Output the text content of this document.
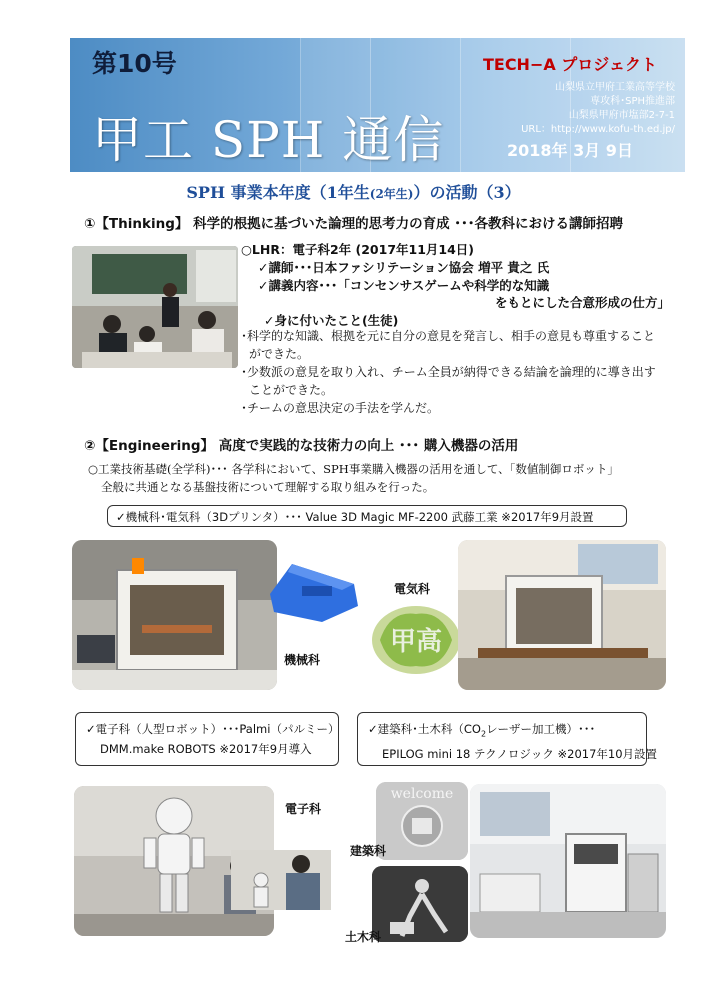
第10号
甲工 SPH 通信
TECH−A プロジェクト
山梨県立甲府工業高等学校
専攻科･SPH推進部
山梨県甲府市塩部2-7-1
URL：http://www.kofu-th.ed.jp/
2018年 3月 9日
SPH 事業本年度（1年生(2年生)）の活動（3）
①【Thinking】 科学的根拠に基づいた論理的思考力の育成 ･･･各教科における講師招聘
○LHR：電子科2年 (2017年11月14日)
✓講師･･･日本ファシリテーション協会 増平 貴之 氏
✓講義内容･･･「コンセンサスゲームや科学的な知識
をもとにした合意形成の仕方」
✓身に付いたこと(生徒)
･科学的な知識、根拠を元に自分の意見を発言し、相手の意見も尊重すること
ができた。
･少数派の意見を取り入れ、チーム全員が納得できる結論を論理的に導き出す
ことができた。
･チームの意思決定の手法を学んだ。
②【Engineering】 高度で実践的な技術力の向上 ･･･ 購入機器の活用
○工業技術基礎(全学科)･･･ 各学科において、SPH事業購入機器の活用を通して、「数値制御ロボット」
全般に共通となる基盤技術について理解する取り組みを行った。
✓機械科･電気科（3Dプリンタ）･･･ Value 3D Magic MF-2200 武藤工業 ※2017年9月設置
機械科
電気科
甲高
✓電子科（人型ロボット）･･･Palmi（パルミー）
DMM.make ROBOTS ※2017年9月導入
✓建築科･土木科（$CO_2$レーザー加工機）･･･
EPILOG mini 18 テクノロジック ※2017年10月設置
電子科
welcome
建築科
土木科
